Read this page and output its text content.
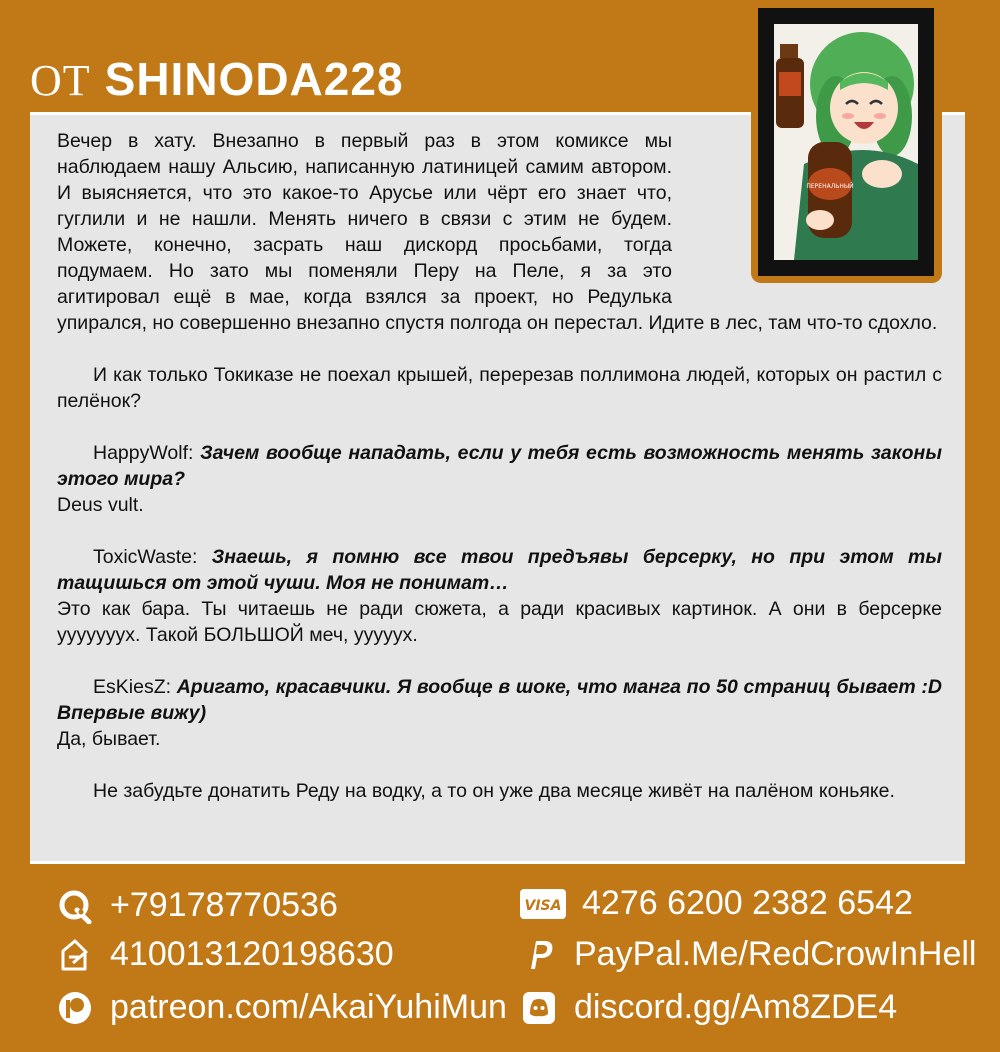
ОТ SHINODA228
ПЕРЕНАЛЬНЫЙ

Вечер в хату. Внезапно в первый раз в этом комиксе мы наблюдаем нашу Альсию, написанную латиницей самим автором. И выясняется, что это какое-то Арусье или чёрт его знает что, гуглили и не нашли. Менять ничего в связи с этим не будем. Можете, конечно, засрать наш дискорд просьбами, тогда подумаем. Но зато мы поменяли Перу на Пеле, я за это агитировал ещё в мае, когда взялся за проект, но Редулька упирался, но совершенно внезапно спустя полгода он перестал. Идите в лес, там что-то сдохло.

И как только Токиказе не поехал крышей, перерезав поллимона людей, которых он растил с пелёнок?

HappyWolf: Зачем вообще нападать, если у тебя есть возможность менять законы этого мира?

Deus vult.

ToxicWaste: Знаешь, я помню все твои предъявы берсерку, но при этом ты тащишься от этой чуши. Моя не понимат…

Это как бара. Ты читаешь не ради сюжета, а ради красивых картинок. А они в берсерке ууууууух. Такой БОЛЬШОЙ меч, ууууух.

EsKiesZ: Аригато, красавчики. Я вообще в шоке, что манга по 50 страниц бывает :D Впервые вижу)

Да, бывает.

Не забудьте донатить Реду на водку, а то он уже два месяце живёт на палёном коньяке.

+79178770536
410013120198630
patreon.com/AkaiYuhiMun
VISA 4276 6200 2382 6542
PayPal.Me/RedCrowInHell
discord.gg/Am8ZDE4
